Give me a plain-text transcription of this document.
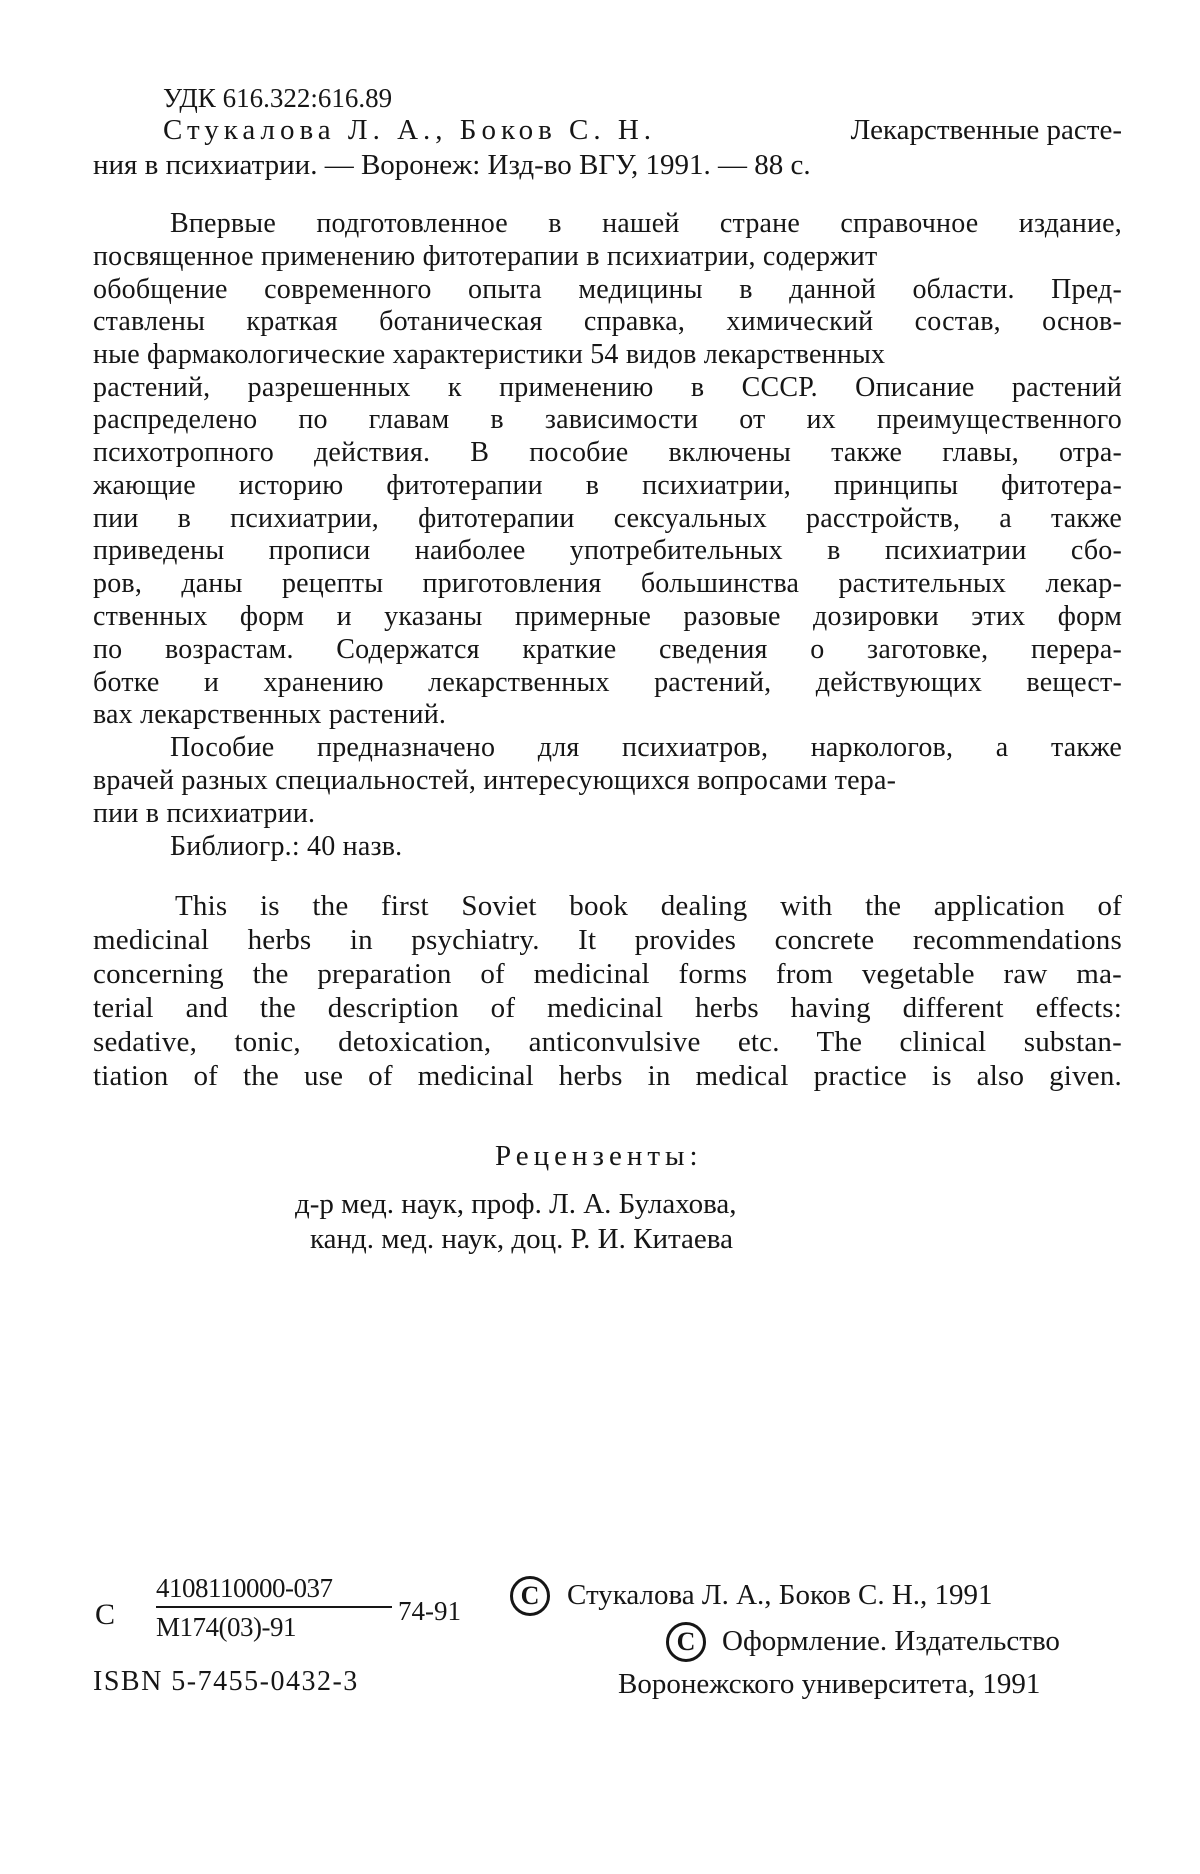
УДК 616.322:616.89
Стукалова Л. А., Боков С. Н.	Лекарственные расте-
ния в психиатрии. — Воронеж: Изд-во ВГУ, 1991. — 88 с.
Впервые подготовленное в нашей стране справочное издание,
посвященное применению фитотерапии в психиатрии, содержит
обобщение современного опыта медицины в данной области. Пред-
ставлены краткая ботаническая справка, химический состав, основ-
ные фармакологические характеристики 54 видов лекарственных
растений, разрешенных к применению в СССР. Описание растений
распределено по главам в зависимости от их преимущественного
психотропного действия. В пособие включены также главы, отра-
жающие историю фитотерапии в психиатрии, принципы фитотера-
пии в психиатрии, фитотерапии сексуальных расстройств, а также
приведены прописи наиболее употребительных в психиатрии сбо-
ров, даны рецепты приготовления большинства растительных лекар-
ственных форм и указаны примерные разовые дозировки этих форм
по возрастам. Содержатся краткие сведения о заготовке, перера-
ботке и хранению лекарственных растений, действующих вещест-
вах лекарственных растений.
Пособие предназначено для психиатров, наркологов, а также
врачей разных специальностей, интересующихся вопросами тера-
пии в психиатрии.
Библиогр.: 40 назв.
This is the first Soviet book dealing with the application of
medicinal herbs in psychiatry. It provides concrete recommendations
concerning the preparation of medicinal forms from vegetable raw ma-
terial and the description of medicinal herbs having different effects:
sedative, tonic, detoxication, anticonvulsive etc. The clinical substan-
tiation of the use of medicinal herbs in medical practice is also given.
Рецензенты:
д-р мед. наук, проф. Л. А. Булахова,
канд. мед. наук, доц. Р. И. Китаева
С
4108110000-037
М174(03)-91
74-91
ISBN 5-7455-0432-3
С Стукалова Л. А., Боков С. Н., 1991
С Оформление. Издательство
Воронежского университета, 1991
